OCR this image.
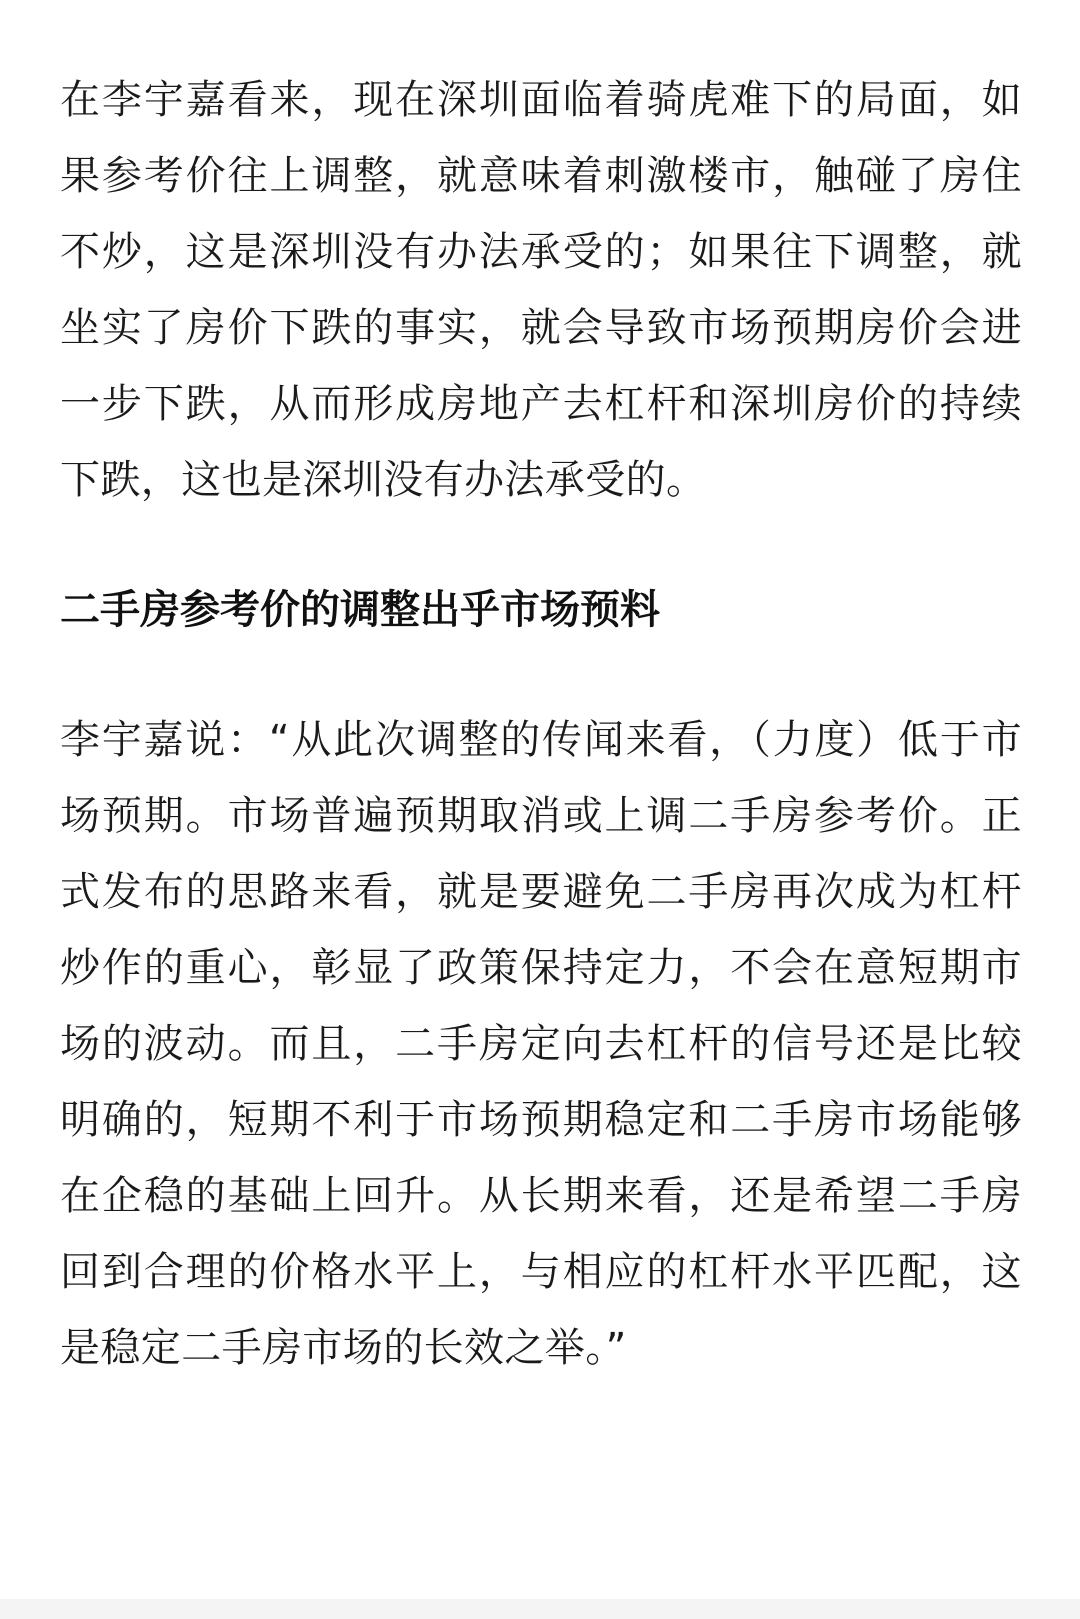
在李宇嘉看来，现在深圳面临着骑虎难下的局面，如果参考价往上调整，就意味着刺激楼市，触碰了房住不炒，这是深圳没有办法承受的；如果往下调整，就坐实了房价下跌的事实，就会导致市场预期房价会进一步下跌，从而形成房地产去杠杆和深圳房价的持续下跌，这也是深圳没有办法承受的。

二手房参考价的调整出乎市场预料

李宇嘉说：“从此次调整的传闻来看，（力度）低于市场预期。市场普遍预期取消或上调二手房参考价。正式发布的思路来看，就是要避免二手房再次成为杠杆炒作的重心，彰显了政策保持定力，不会在意短期市场的波动。而且，二手房定向去杠杆的信号还是比较明确的，短期不利于市场预期稳定和二手房市场能够在企稳的基础上回升。从长期来看，还是希望二手房回到合理的价格水平上，与相应的杠杆水平匹配，这是稳定二手房市场的长效之举。”
